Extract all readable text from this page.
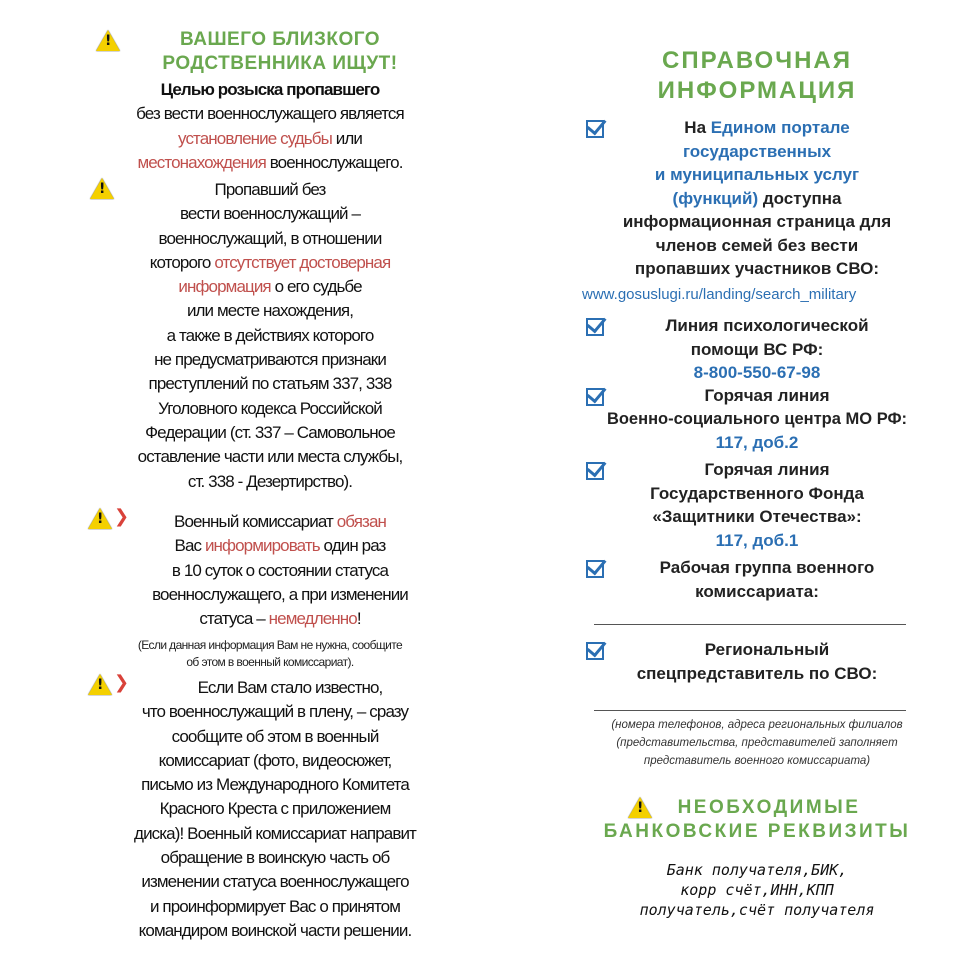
!
ВАШЕГО БЛИЗКОГО
РОДСТВЕННИКА ИЩУТ!
Целью розыска пропавшего
без вести военнослужащего является
установление судьбы или
местонахождения военнослужащего.
!
Пропавший без
вести военнослужащий –
военнослужащий, в отношении
которого отсутствует достоверная
информация о его судьбе
или месте нахождения,
а также в действиях которого
не предусматриваются признаки
преступлений по статьям 337, 338
Уголовного кодекса Российской
Федерации (ст. 337 – Самовольное
оставление части или места службы,
ст. 338 - Дезертирство).
!
❯	Военный комиссариат обязан
Вас информировать один раз
в 10 суток о состоянии статуса
военнослужащего, а при изменении
статуса – немедленно!
(Если данная информация Вам не нужна, сообщите
об этом в военный комиссариат).
!
❯	Если Вам стало известно,
что военнослужащий в плену, – сразу
сообщите об этом в военный
комиссариат (фото, видеосюжет,
письмо из Международного Комитета
Красного Креста с приложением
диска)! Военный комиссариат направит
обращение в воинскую часть об
изменении статуса военнослужащего
и проинформирует Вас о принятом
командиром воинской части решении.
СПРАВОЧНАЯ
ИНФОРМАЦИЯ
На Едином портале
государственных
и муниципальных услуг
(функций) доступна
информационная страница для
членов семей без вести
пропавших участников СВО:
www.gosuslugi.ru/landing/search_military
Линия психологической
помощи ВС РФ:
8-800-550-67-98
Горячая линия
Военно-социального центра МО РФ:
117, доб.2
Горячая линия
Государственного Фонда
«Защитники Отечества»:
117, доб.1
Рабочая группа военного
комиссариата:
Региональный
спецпредставитель по СВО:
(номера телефонов, адреса региональных филиалов
(представительства, представителей заполняет
представитель военного комиссариата)
!
НЕОБХОДИМЫЕ
БАНКОВСКИЕ РЕКВИЗИТЫ
Банк получателя,БИК,
корр счёт,ИНН,КПП
получатель,счёт получателя
